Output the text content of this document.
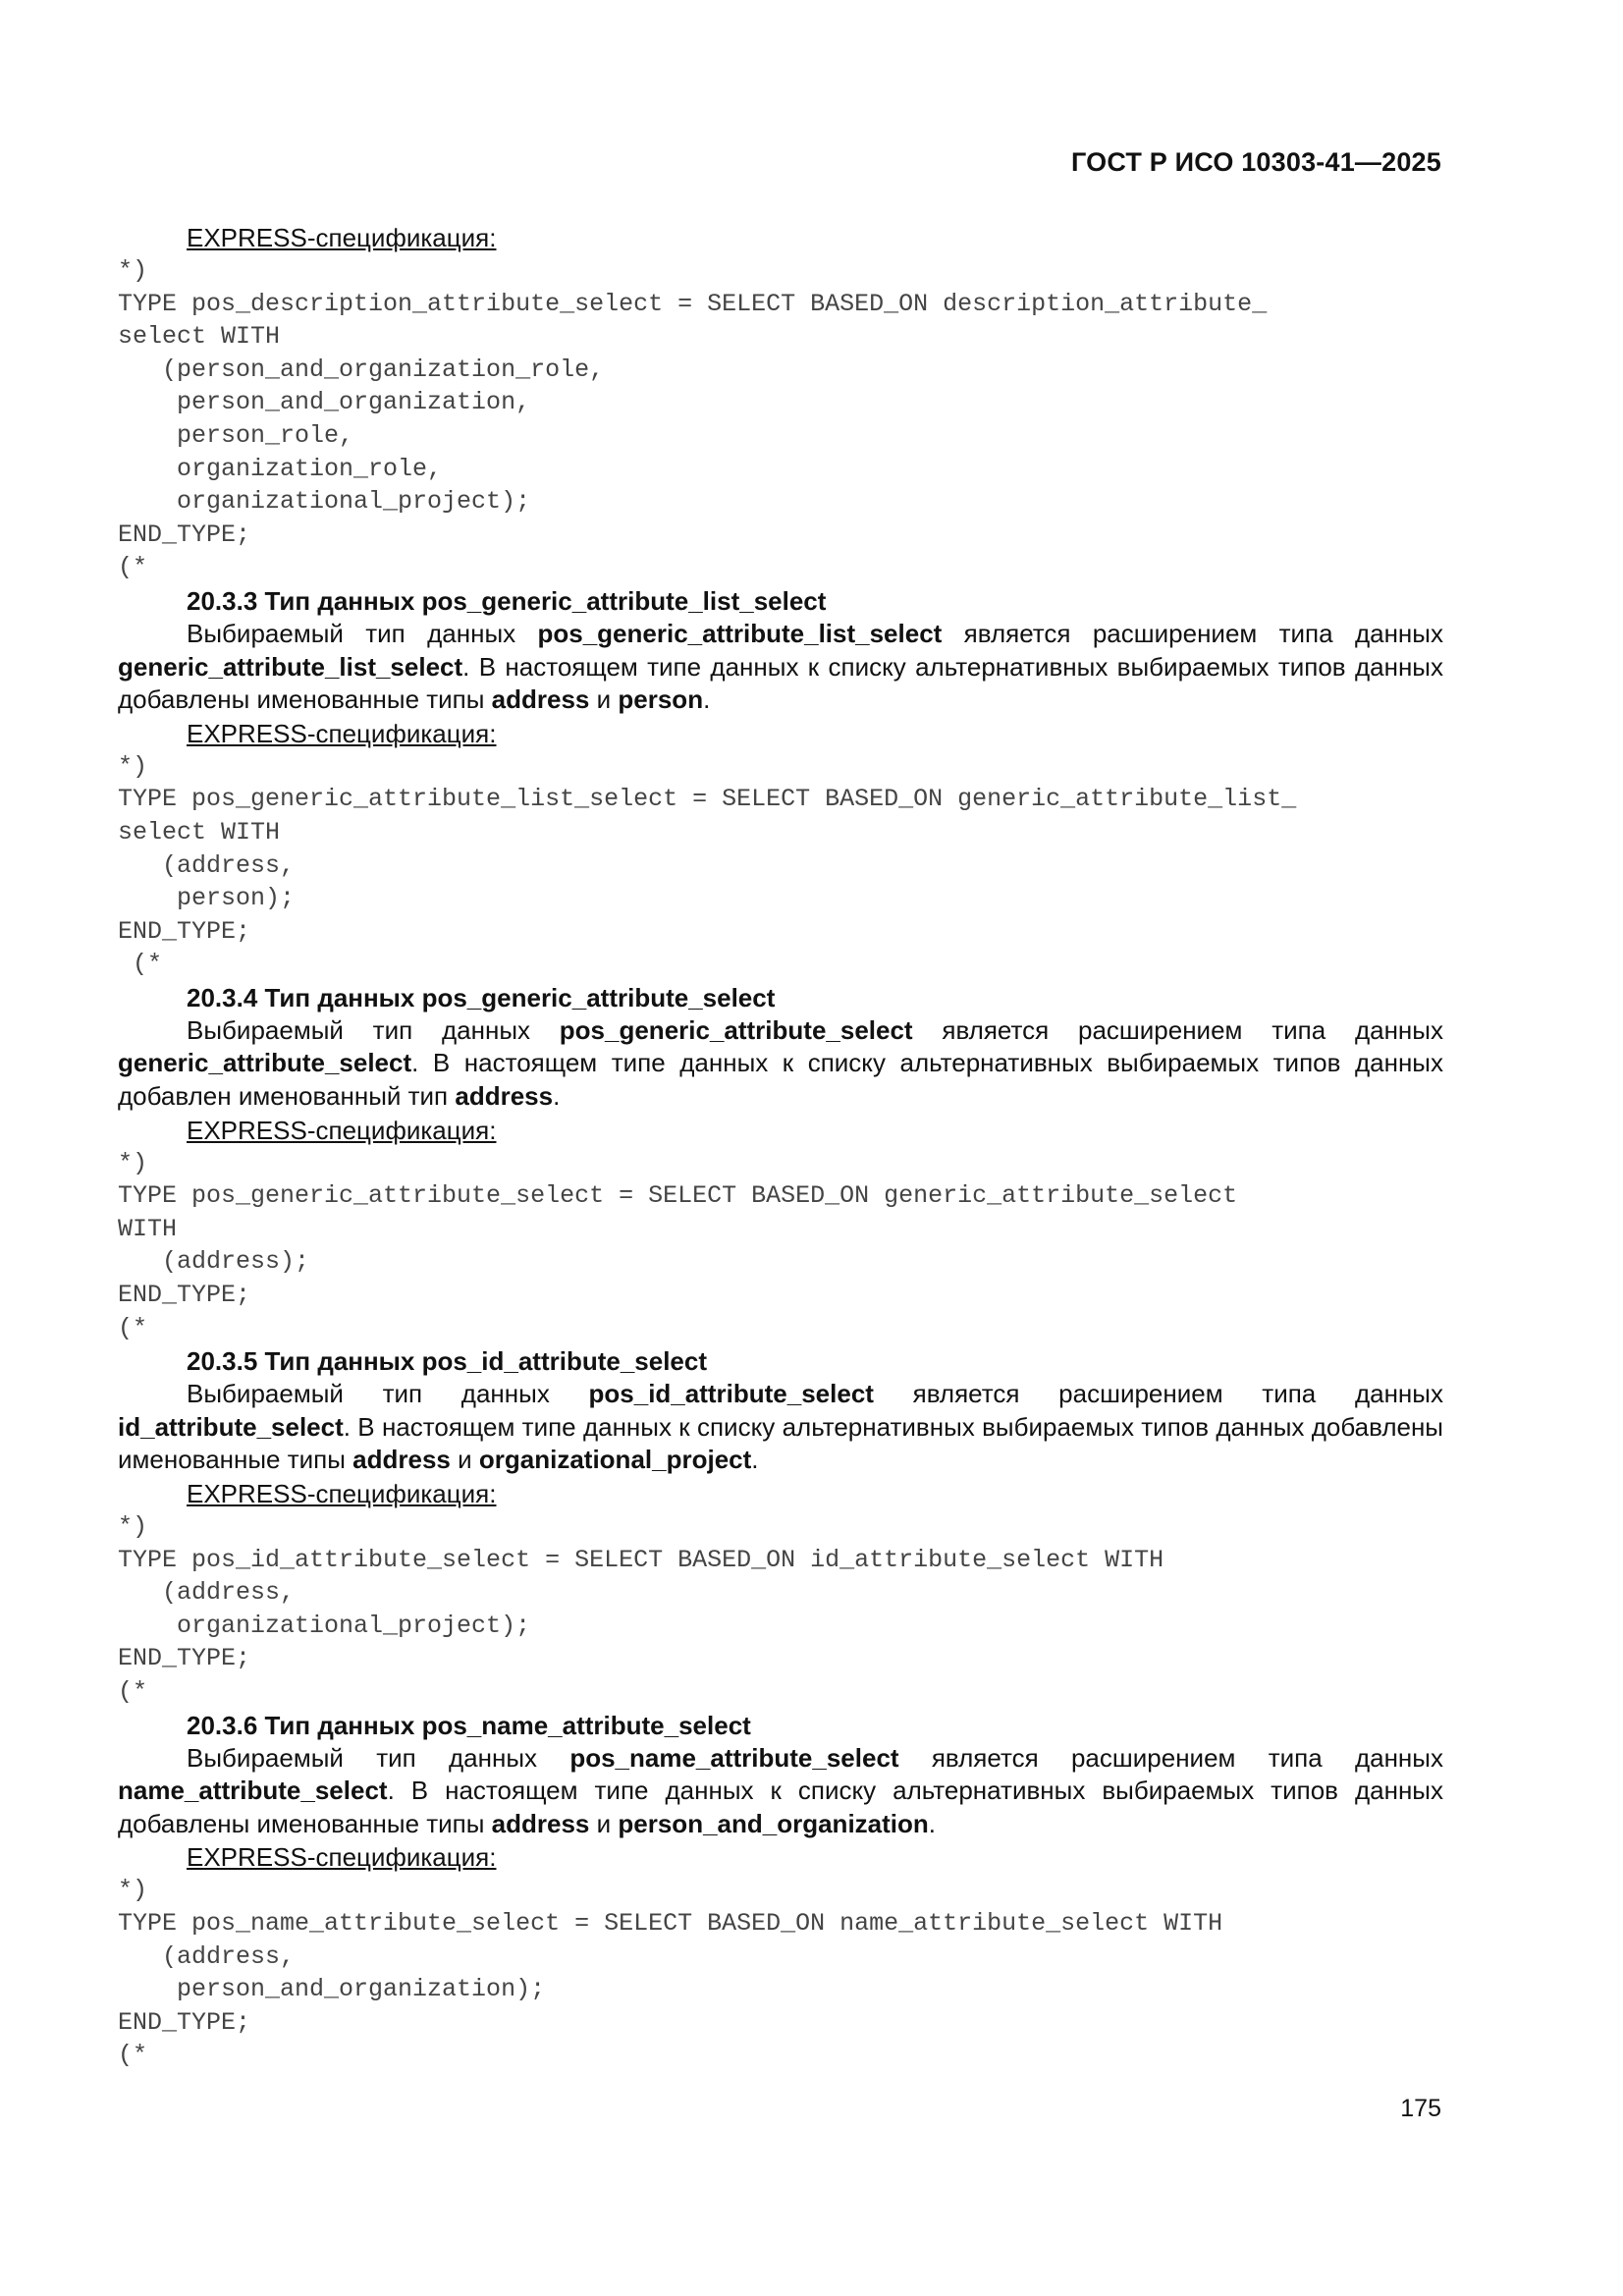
ГОСТ Р ИСО 10303-41—2025
EXPRESS-спецификация:
*)
TYPE pos_description_attribute_select = SELECT BASED_ON description_attribute_
select WITH
(person_and_organization_role,
person_and_organization,
person_role,
organization_role,
organizational_project);
END_TYPE;
(*
20.3.3 Тип данных pos_generic_attribute_list_select

Выбираемый тип данных pos_generic_attribute_list_select является расширением типа данных generic_attribute_list_select. В настоящем типе данных к списку альтернативных выбираемых типов данных добавлены именованные типы address и person.

EXPRESS-спецификация:
*)
TYPE pos_generic_attribute_list_select = SELECT BASED_ON generic_attribute_list_
select WITH
(address,
person);
END_TYPE;
(*
20.3.4 Тип данных pos_generic_attribute_select

Выбираемый тип данных pos_generic_attribute_select является расширением типа данных generic_attribute_select. В настоящем типе данных к списку альтернативных выбираемых типов данных добавлен именованный тип address.

EXPRESS-спецификация:
*)
TYPE pos_generic_attribute_select = SELECT BASED_ON generic_attribute_select
WITH
(address);
END_TYPE;
(*
20.3.5 Тип данных pos_id_attribute_select

Выбираемый тип данных pos_id_attribute_select является расширением типа данных id_attribute_select. В настоящем типе данных к списку альтернативных выбираемых типов данных добавлены именованные типы address и organizational_project.

EXPRESS-спецификация:
*)
TYPE pos_id_attribute_select = SELECT BASED_ON id_attribute_select WITH
(address,
organizational_project);
END_TYPE;
(*
20.3.6 Тип данных pos_name_attribute_select

Выбираемый тип данных pos_name_attribute_select является расширением типа данных name_attribute_select. В настоящем типе данных к списку альтернативных выбираемых типов данных добавлены именованные типы address и person_and_organization.

EXPRESS-спецификация:
*)
TYPE pos_name_attribute_select = SELECT BASED_ON name_attribute_select WITH
(address,
person_and_organization);
END_TYPE;
(*
175
